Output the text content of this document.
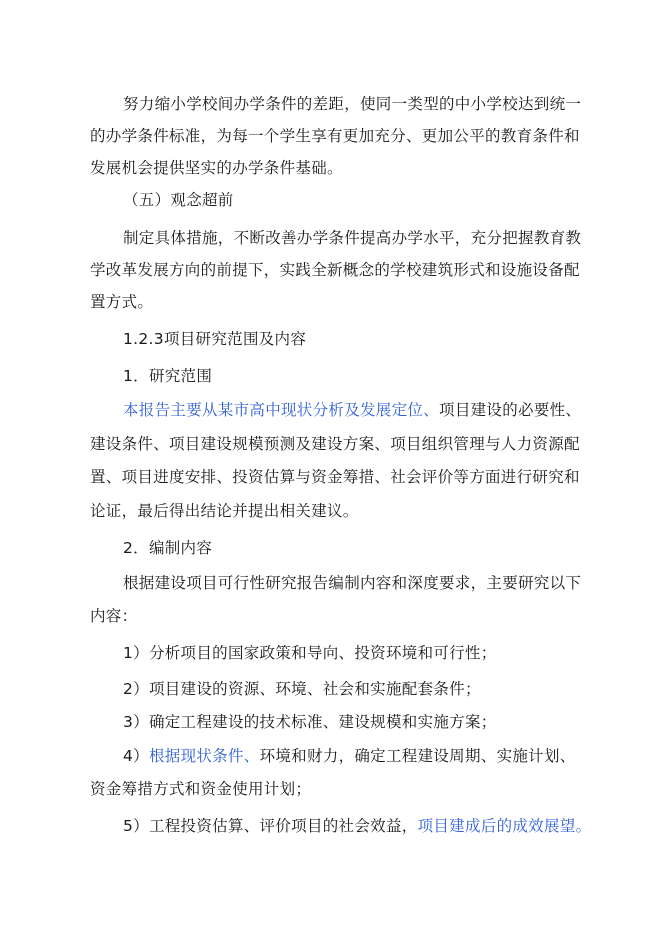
努力缩小学校间办学条件的差距，使同一类型的中小学校达到统一
的办学条件标准，为每一个学生享有更加充分、更加公平的教育条件和
发展机会提供坚实的办学条件基础。
（五）观念超前
制定具体措施，不断改善办学条件提高办学水平，充分把握教育教
学改革发展方向的前提下，实践全新概念的学校建筑形式和设施设备配
置方式。
1.2.3项目研究范围及内容
1．研究范围
本报告主要从某市高中现状分析及发展定位、项目建设的必要性、
建设条件、项目建设规模预测及建设方案、项目组织管理与人力资源配
置、项目进度安排、投资估算与资金筹措、社会评价等方面进行研究和
论证，最后得出结论并提出相关建议。
2．编制内容
根据建设项目可行性研究报告编制内容和深度要求，主要研究以下
内容：
1）分析项目的国家政策和导向、投资环境和可行性；
2）项目建设的资源、环境、社会和实施配套条件；
3）确定工程建设的技术标准、建设规模和实施方案；
4）根据现状条件、环境和财力，确定工程建设周期、实施计划、
资金筹措方式和资金使用计划；
5）工程投资估算、评价项目的社会效益，项目建成后的成效展望。
